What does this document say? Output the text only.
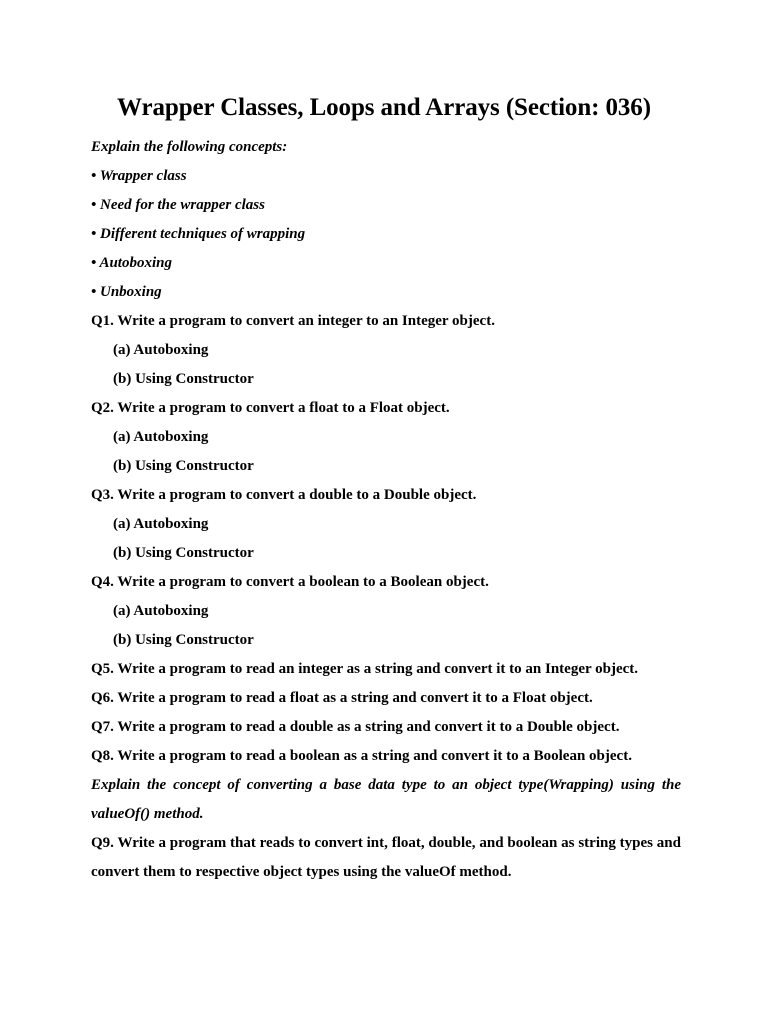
Wrapper Classes, Loops and Arrays (Section: 036)
Explain the following concepts:
• Wrapper class
• Need for the wrapper class
• Different techniques of wrapping
• Autoboxing
• Unboxing
Q1. Write a program to convert an integer to an Integer object.
(a) Autoboxing
(b) Using Constructor
Q2. Write a program to convert a float to a Float object.
(a) Autoboxing
(b) Using Constructor
Q3. Write a program to convert a double to a Double object.
(a) Autoboxing
(b) Using Constructor
Q4. Write a program to convert a boolean to a Boolean object.
(a) Autoboxing
(b) Using Constructor
Q5. Write a program to read an integer as a string and convert it to an Integer object.
Q6. Write a program to read a float as a string and convert it to a Float object.
Q7. Write a program to read a double as a string and convert it to a Double object.
Q8. Write a program to read a boolean as a string and convert it to a Boolean object.
Explain the concept of converting a base data type to an object type(Wrapping) using the valueOf() method.
Q9. Write a program that reads to convert int, float, double, and boolean as string types and convert them to respective object types using the valueOf method.
